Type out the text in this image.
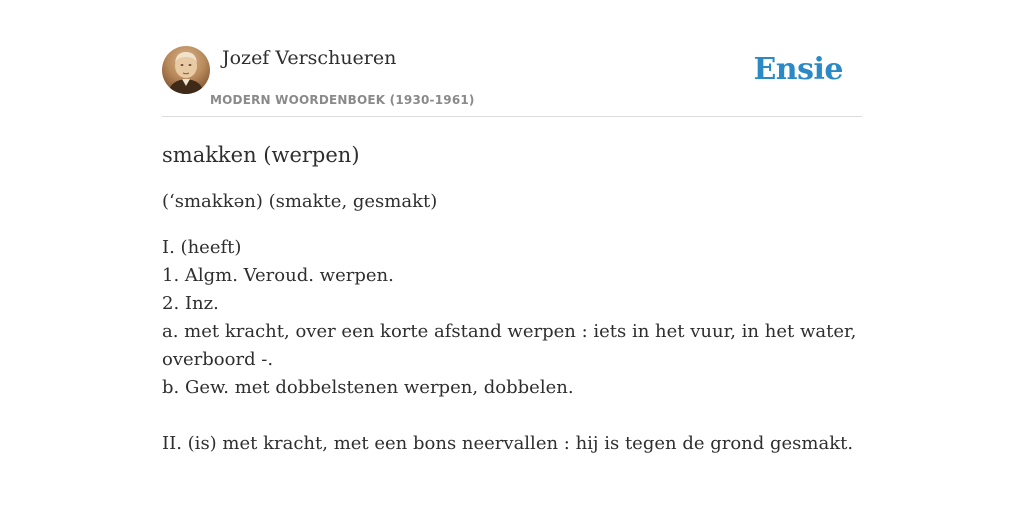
Jozef Verschueren
MODERN WOORDENBOEK (1930-1961)
Ensie
smakken (werpen)
(‘smakkən) (smakte, gesmakt)
I. (heeft)
1. Algm. Veroud. werpen.
2. Inz.
a. met kracht, over een korte afstand werpen : iets in het vuur, in het water, overboord -.
b. Gew. met dobbelstenen werpen, dobbelen.
II. (is) met kracht, met een bons neervallen : hij is tegen de grond gesmakt.
